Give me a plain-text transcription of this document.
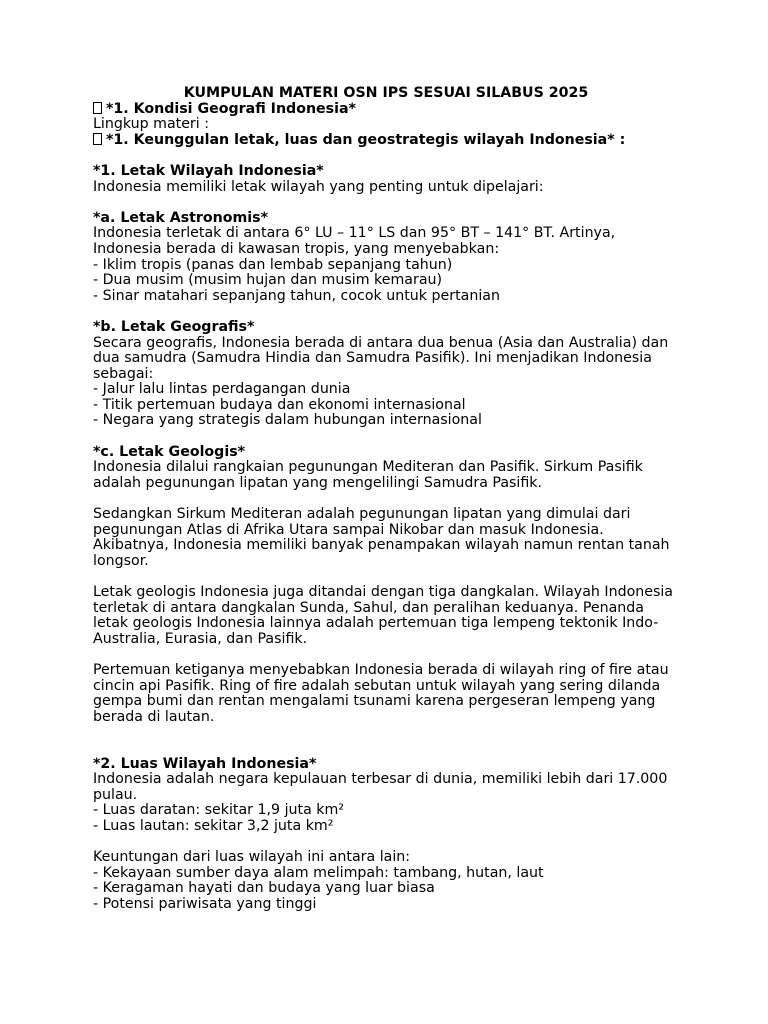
KUMPULAN MATERI OSN IPS SESUAI SILABUS 2025
*1. Kondisi Geografi Indonesia*
Lingkup materi :
*1. Keunggulan letak, luas dan geostrategis wilayah Indonesia* :
*1. Letak Wilayah Indonesia*
Indonesia memiliki letak wilayah yang penting untuk dipelajari:
*a. Letak Astronomis*
Indonesia terletak di antara 6° LU – 11° LS dan 95° BT – 141° BT. Artinya,
Indonesia berada di kawasan tropis, yang menyebabkan:
- Iklim tropis (panas dan lembab sepanjang tahun)
- Dua musim (musim hujan dan musim kemarau)
- Sinar matahari sepanjang tahun, cocok untuk pertanian
*b. Letak Geografis*
Secara geografis, Indonesia berada di antara dua benua (Asia dan Australia) dan
dua samudra (Samudra Hindia dan Samudra Pasifik). Ini menjadikan Indonesia
sebagai:
- Jalur lalu lintas perdagangan dunia
- Titik pertemuan budaya dan ekonomi internasional
- Negara yang strategis dalam hubungan internasional
*c. Letak Geologis*
Indonesia dilalui rangkaian pegunungan Mediteran dan Pasifik. Sirkum Pasifik
adalah pegunungan lipatan yang mengelilingi Samudra Pasifik.
Sedangkan Sirkum Mediteran adalah pegunungan lipatan yang dimulai dari
pegunungan Atlas di Afrika Utara sampai Nikobar dan masuk Indonesia.
Akibatnya, Indonesia memiliki banyak penampakan wilayah namun rentan tanah
longsor.
Letak geologis Indonesia juga ditandai dengan tiga dangkalan. Wilayah Indonesia
terletak di antara dangkalan Sunda, Sahul, dan peralihan keduanya. Penanda
letak geologis Indonesia lainnya adalah pertemuan tiga lempeng tektonik Indo-
Australia, Eurasia, dan Pasifik.
Pertemuan ketiganya menyebabkan Indonesia berada di wilayah ring of fire atau
cincin api Pasifik. Ring of fire adalah sebutan untuk wilayah yang sering dilanda
gempa bumi dan rentan mengalami tsunami karena pergeseran lempeng yang
berada di lautan.
*2. Luas Wilayah Indonesia*
Indonesia adalah negara kepulauan terbesar di dunia, memiliki lebih dari 17.000
pulau.
- Luas daratan: sekitar 1,9 juta km²
- Luas lautan: sekitar 3,2 juta km²
Keuntungan dari luas wilayah ini antara lain:
- Kekayaan sumber daya alam melimpah: tambang, hutan, laut
- Keragaman hayati dan budaya yang luar biasa
- Potensi pariwisata yang tinggi
